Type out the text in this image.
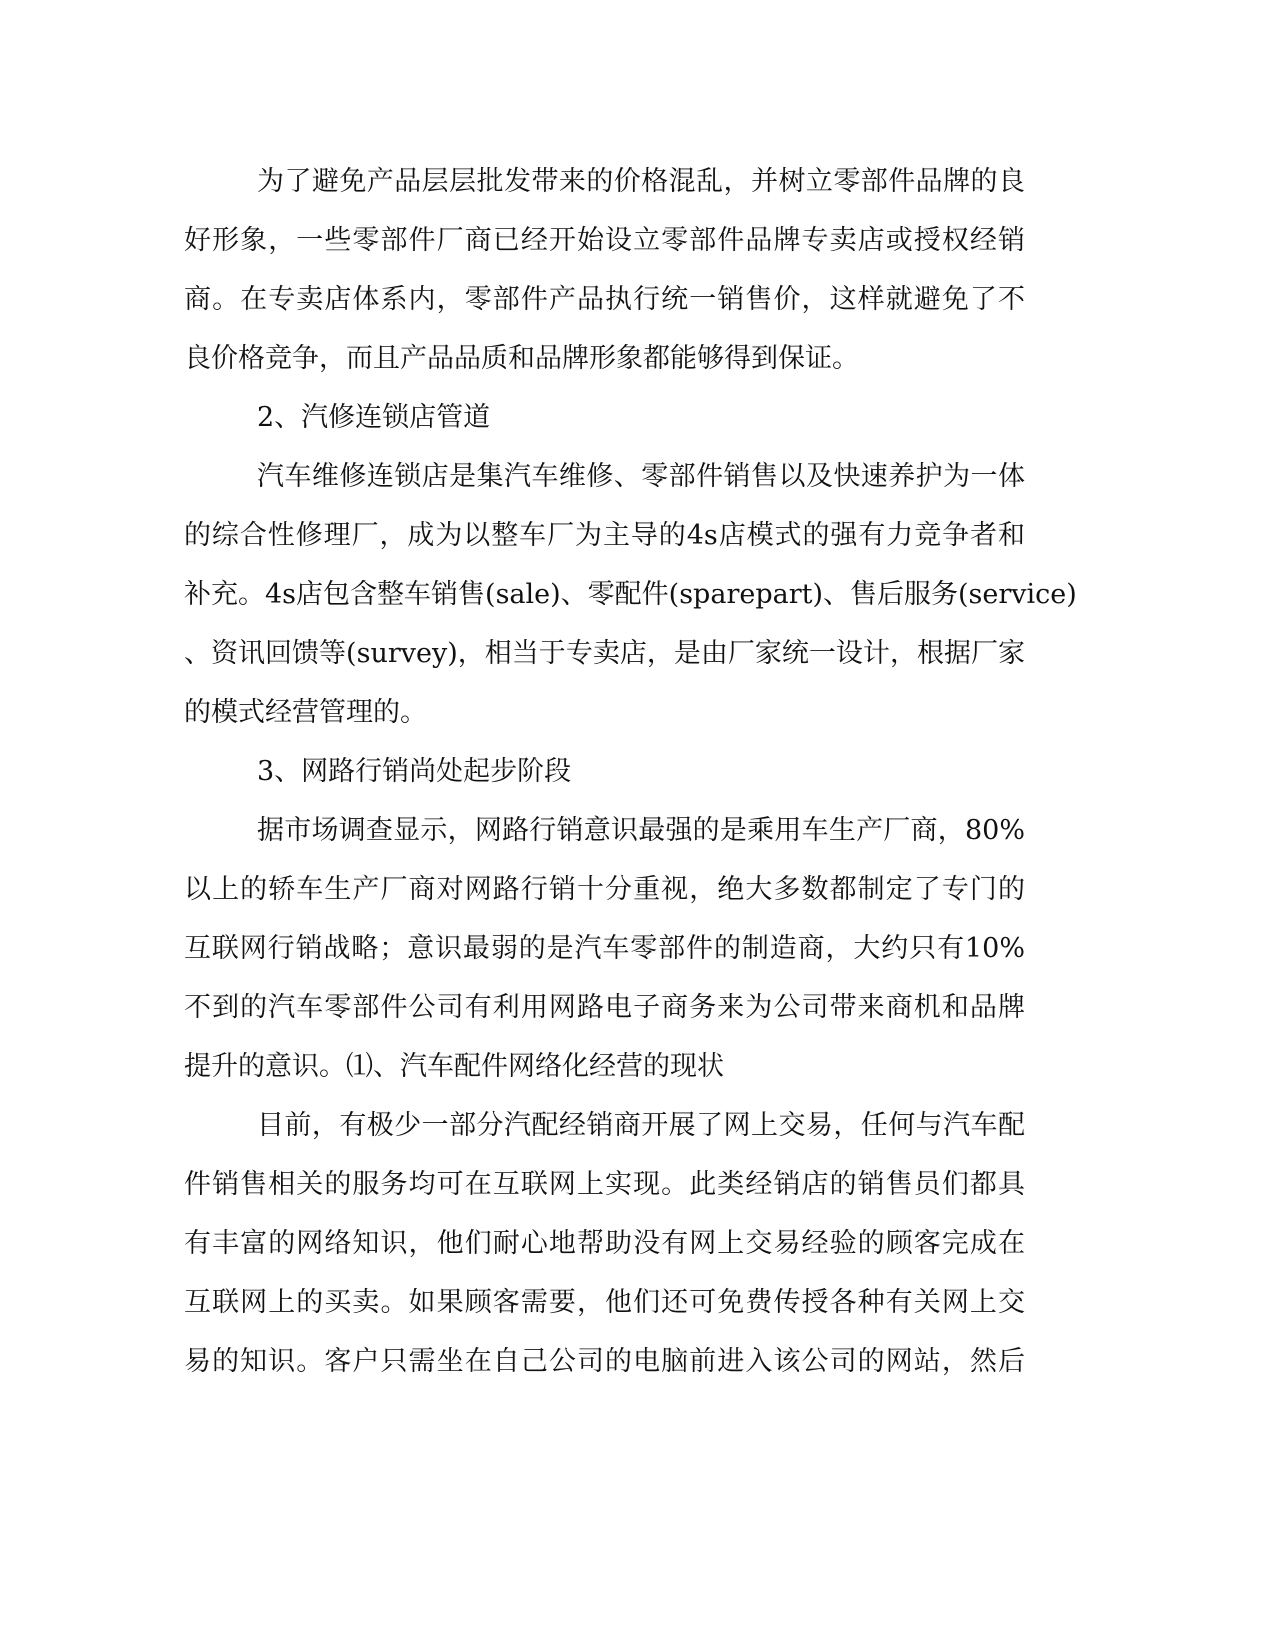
为了避免产品层层批发带来的价格混乱，并树立零部件品牌的良
好形象，一些零部件厂商已经开始设立零部件品牌专卖店或授权经销
商。在专卖店体系内，零部件产品执行统一销售价，这样就避免了不
良价格竞争，而且产品品质和品牌形象都能够得到保证。
2、汽修连锁店管道
汽车维修连锁店是集汽车维修、零部件销售以及快速养护为一体
的综合性修理厂，成为以整车厂为主导的4s店模式的强有力竞争者和
补充。4s店包含整车销售(sale)、零配件(sparepart)、售后服务(service)
、资讯回馈等(survey)，相当于专卖店，是由厂家统一设计，根据厂家
的模式经营管理的。
3、网路行销尚处起步阶段
据市场调查显示，网路行销意识最强的是乘用车生产厂商，80%
以上的轿车生产厂商对网路行销十分重视，绝大多数都制定了专门的
互联网行销战略；意识最弱的是汽车零部件的制造商，大约只有10%
不到的汽车零部件公司有利用网路电子商务来为公司带来商机和品牌
提升的意识。⑴、汽车配件网络化经营的现状
目前，有极少一部分汽配经销商开展了网上交易，任何与汽车配
件销售相关的服务均可在互联网上实现。此类经销店的销售员们都具
有丰富的网络知识，他们耐心地帮助没有网上交易经验的顾客完成在
互联网上的买卖。如果顾客需要，他们还可免费传授各种有关网上交
易的知识。客户只需坐在自己公司的电脑前进入该公司的网站，然后
